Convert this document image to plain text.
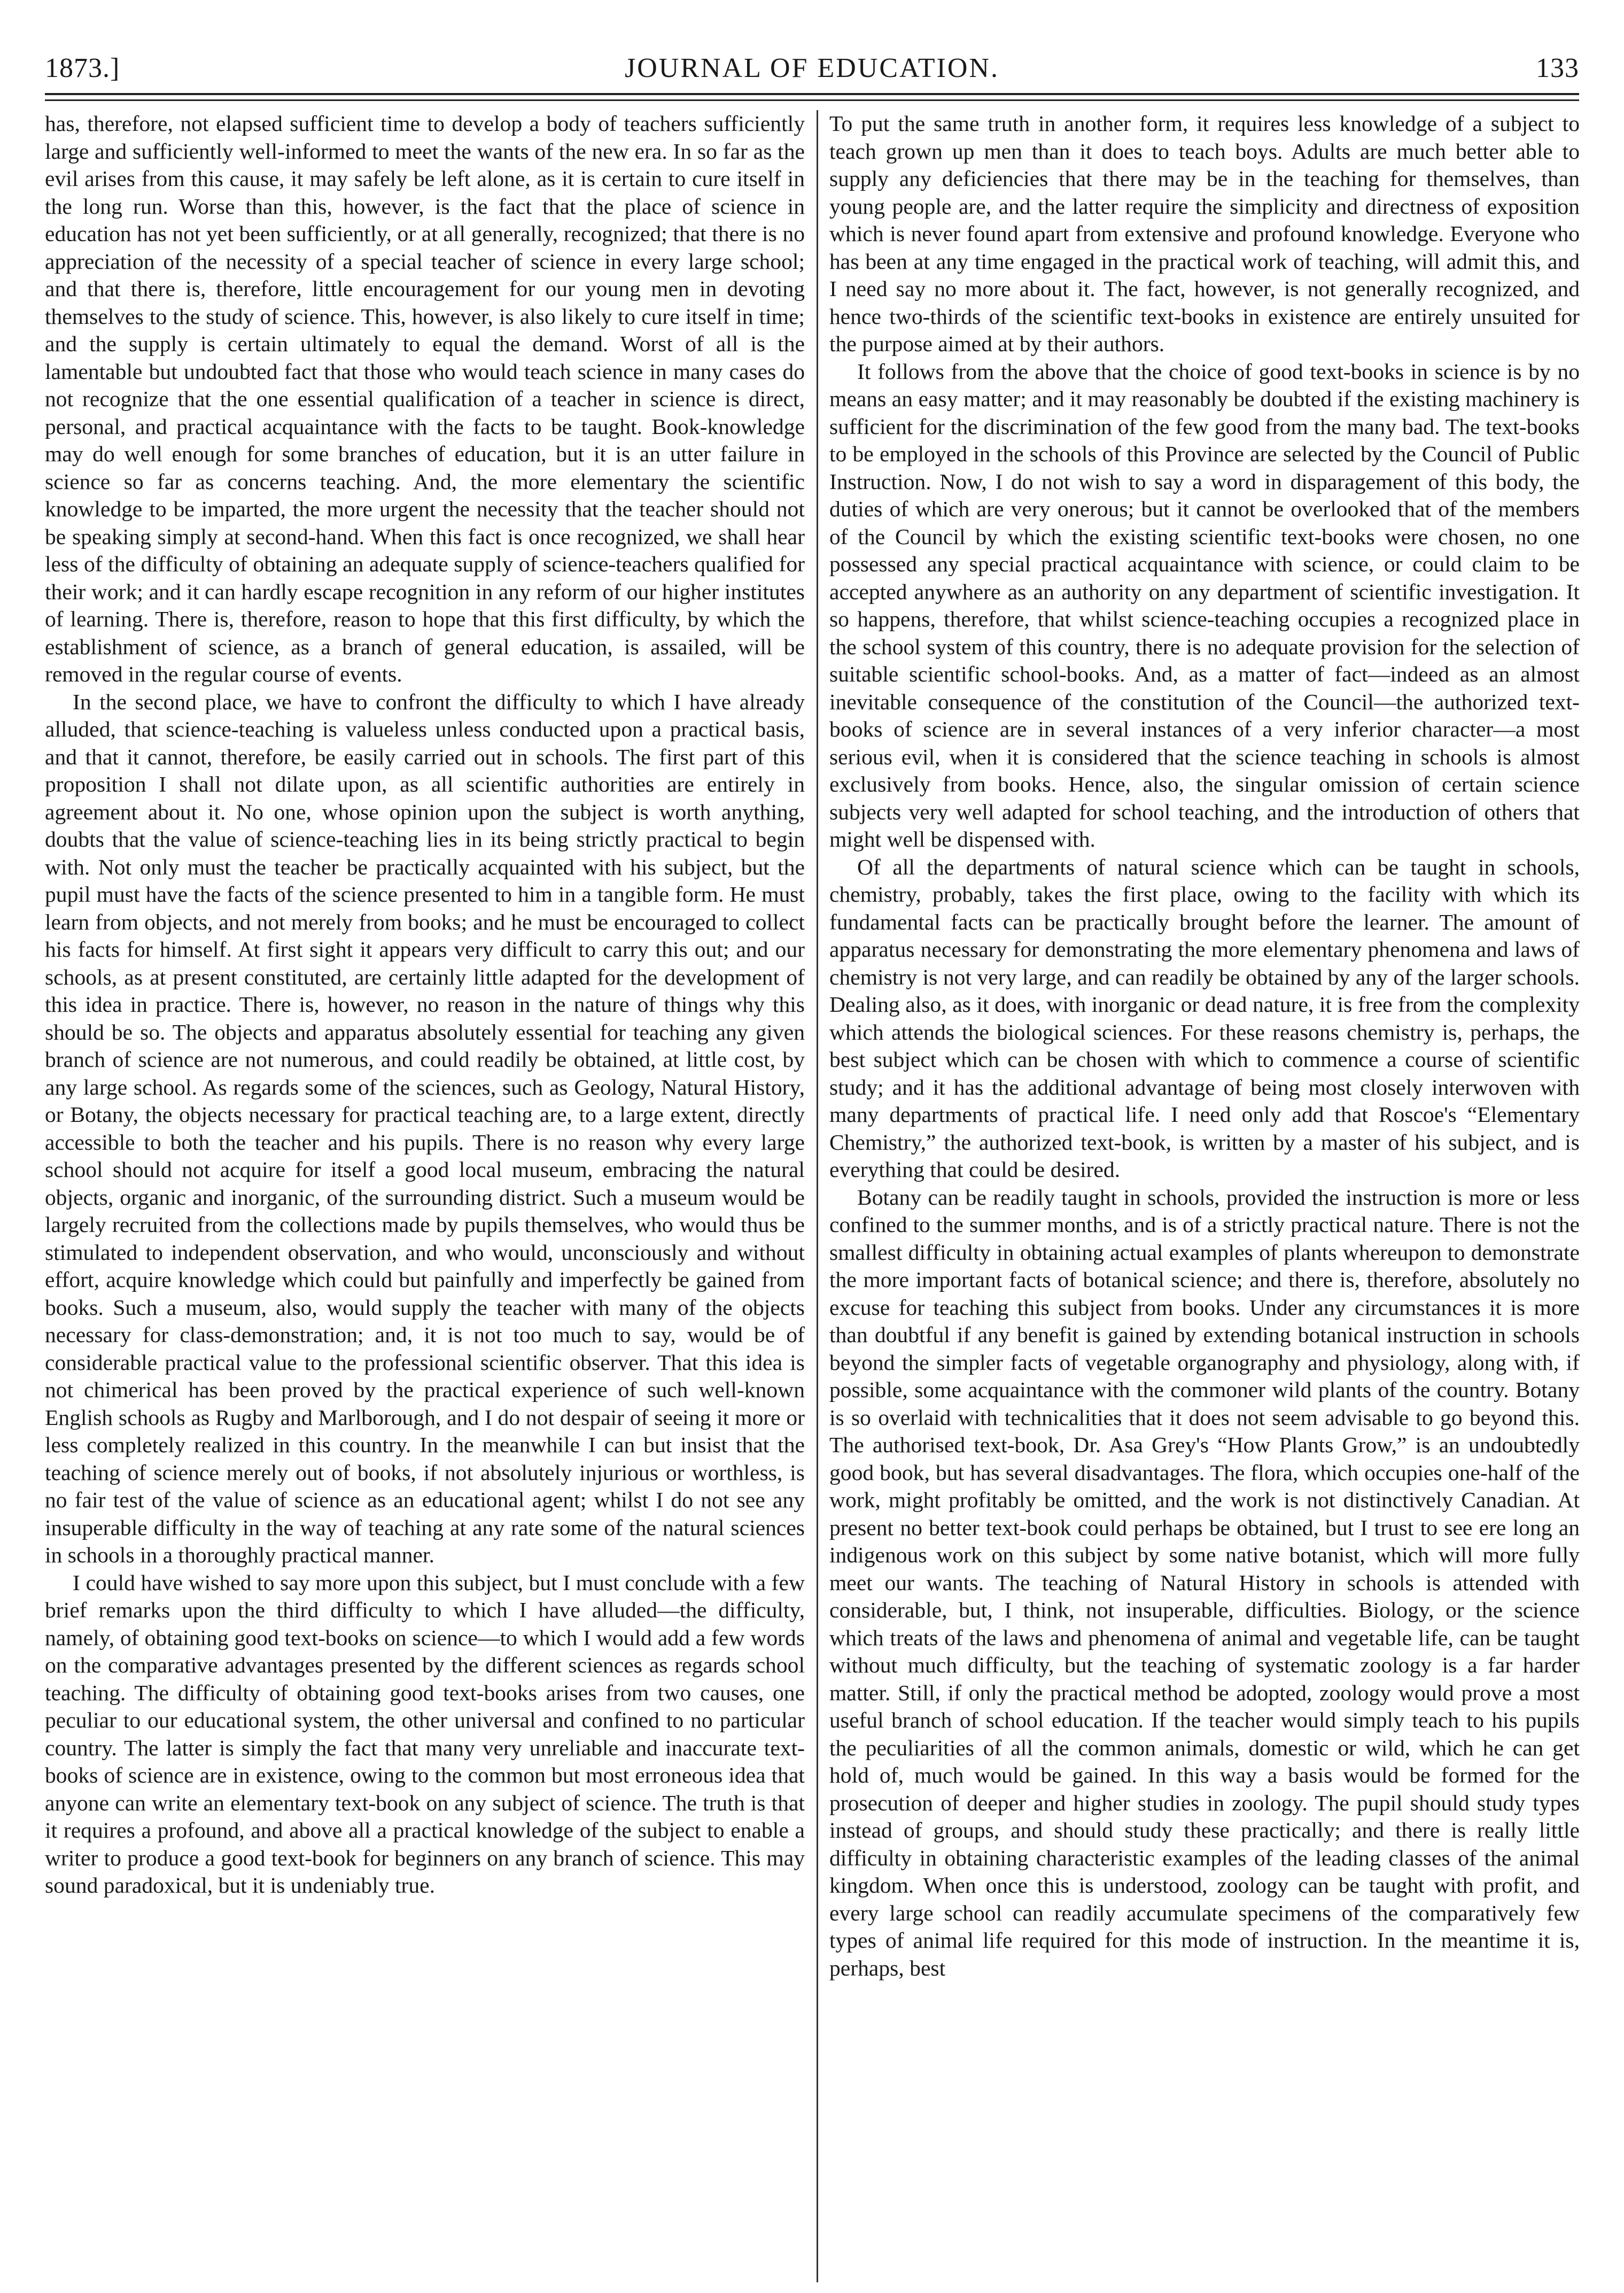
1873.]	JOURNAL OF EDUCATION.	133

has, therefore, not elapsed sufficient time to develop a body of teachers sufficiently large and sufficiently well-informed to meet the wants of the new era. In so far as the evil arises from this cause, it may safely be left alone, as it is certain to cure itself in the long run. Worse than this, however, is the fact that the place of science in education has not yet been sufficiently, or at all generally, recognized; that there is no appreciation of the necessity of a special teacher of science in every large school; and that there is, therefore, little encouragement for our young men in devoting themselves to the study of science. This, however, is also likely to cure itself in time; and the supply is certain ultimately to equal the demand. Worst of all is the lamentable but undoubted fact that those who would teach science in many cases do not recognize that the one essential qualification of a teacher in science is direct, personal, and practical acquaintance with the facts to be taught. Book-knowledge may do well enough for some branches of education, but it is an utter failure in science so far as concerns teaching. And, the more elementary the scientific knowledge to be imparted, the more urgent the necessity that the teacher should not be speaking simply at second-hand. When this fact is once recognized, we shall hear less of the difficulty of obtaining an adequate supply of science-teachers qualified for their work; and it can hardly escape recognition in any reform of our higher institutes of learning. There is, therefore, reason to hope that this first difficulty, by which the establishment of science, as a branch of general education, is assailed, will be removed in the regular course of events.

In the second place, we have to confront the difficulty to which I have already alluded, that science-teaching is valueless unless conducted upon a practical basis, and that it cannot, therefore, be easily carried out in schools. The first part of this proposition I shall not dilate upon, as all scientific authorities are entirely in agreement about it. No one, whose opinion upon the subject is worth anything, doubts that the value of science-teaching lies in its being strictly practical to begin with. Not only must the teacher be practically acquainted with his subject, but the pupil must have the facts of the science presented to him in a tangible form. He must learn from objects, and not merely from books; and he must be encouraged to collect his facts for himself. At first sight it appears very difficult to carry this out; and our schools, as at present constituted, are certainly little adapted for the development of this idea in practice. There is, however, no reason in the nature of things why this should be so. The objects and apparatus absolutely essential for teaching any given branch of science are not numerous, and could readily be obtained, at little cost, by any large school. As regards some of the sciences, such as Geology, Natural History, or Botany, the objects necessary for practical teaching are, to a large extent, directly accessible to both the teacher and his pupils. There is no reason why every large school should not acquire for itself a good local museum, embracing the natural objects, organic and inorganic, of the surrounding district. Such a museum would be largely recruited from the collections made by pupils themselves, who would thus be stimulated to independent observation, and who would, unconsciously and without effort, acquire knowledge which could but painfully and imperfectly be gained from books. Such a museum, also, would supply the teacher with many of the objects necessary for class-demonstration; and, it is not too much to say, would be of considerable practical value to the professional scientific observer. That this idea is not chimerical has been proved by the practical experience of such well-known English schools as Rugby and Marlborough, and I do not despair of seeing it more or less completely realized in this country. In the meanwhile I can but insist that the teaching of science merely out of books, if not absolutely injurious or worthless, is no fair test of the value of science as an educational agent; whilst I do not see any insuperable difficulty in the way of teaching at any rate some of the natural sciences in schools in a thoroughly practical manner.

I could have wished to say more upon this subject, but I must conclude with a few brief remarks upon the third difficulty to which I have alluded—the difficulty, namely, of obtaining good text-books on science—to which I would add a few words on the comparative advantages presented by the different sciences as regards school teaching. The difficulty of obtaining good text-books arises from two causes, one peculiar to our educational system, the other universal and confined to no particular country. The latter is simply the fact that many very unreliable and inaccurate text-books of science are in existence, owing to the common but most erroneous idea that anyone can write an elementary text-book on any subject of science. The truth is that it requires a profound, and above all a practical knowledge of the subject to enable a writer to produce a good text-book for beginners on any branch of science. This may sound paradoxical, but it is undeniably true.

To put the same truth in another form, it requires less knowledge of a subject to teach grown up men than it does to teach boys. Adults are much better able to supply any deficiencies that there may be in the teaching for themselves, than young people are, and the latter require the simplicity and directness of exposition which is never found apart from extensive and profound knowledge. Everyone who has been at any time engaged in the practical work of teaching, will admit this, and I need say no more about it. The fact, however, is not generally recognized, and hence two-thirds of the scientific text-books in existence are entirely unsuited for the purpose aimed at by their authors.

It follows from the above that the choice of good text-books in science is by no means an easy matter; and it may reasonably be doubted if the existing machinery is sufficient for the discrimination of the few good from the many bad. The text-books to be employed in the schools of this Province are selected by the Council of Public Instruction. Now, I do not wish to say a word in disparagement of this body, the duties of which are very onerous; but it cannot be overlooked that of the members of the Council by which the existing scientific text-books were chosen, no one possessed any special practical acquaintance with science, or could claim to be accepted anywhere as an authority on any department of scientific investigation. It so happens, therefore, that whilst science-teaching occupies a recognized place in the school system of this country, there is no adequate provision for the selection of suitable scientific school-books. And, as a matter of fact—indeed as an almost inevitable consequence of the constitution of the Council—the authorized text-books of science are in several instances of a very inferior character—a most serious evil, when it is considered that the science teaching in schools is almost exclusively from books. Hence, also, the singular omission of certain science subjects very well adapted for school teaching, and the introduction of others that might well be dispensed with.

Of all the departments of natural science which can be taught in schools, chemistry, probably, takes the first place, owing to the facility with which its fundamental facts can be practically brought before the learner. The amount of apparatus necessary for demonstrating the more elementary phenomena and laws of chemistry is not very large, and can readily be obtained by any of the larger schools. Dealing also, as it does, with inorganic or dead nature, it is free from the complexity which attends the biological sciences. For these reasons chemistry is, perhaps, the best subject which can be chosen with which to commence a course of scientific study; and it has the additional advantage of being most closely interwoven with many departments of practical life. I need only add that Roscoe's “Elementary Chemistry,” the authorized text-book, is written by a master of his subject, and is everything that could be desired.

Botany can be readily taught in schools, provided the instruction is more or less confined to the summer months, and is of a strictly practical nature. There is not the smallest difficulty in obtaining actual examples of plants whereupon to demonstrate the more important facts of botanical science; and there is, therefore, absolutely no excuse for teaching this subject from books. Under any circumstances it is more than doubtful if any benefit is gained by extending botanical instruction in schools beyond the simpler facts of vegetable organography and physiology, along with, if possible, some acquaintance with the commoner wild plants of the country. Botany is so overlaid with technicalities that it does not seem advisable to go beyond this. The authorised text-book, Dr. Asa Grey's “How Plants Grow,” is an undoubtedly good book, but has several disadvantages. The flora, which occupies one-half of the work, might profitably be omitted, and the work is not distinctively Canadian. At present no better text-book could perhaps be obtained, but I trust to see ere long an indigenous work on this subject by some native botanist, which will more fully meet our wants. The teaching of Natural History in schools is attended with considerable, but, I think, not insuperable, difficulties. Biology, or the science which treats of the laws and phenomena of animal and vegetable life, can be taught without much difficulty, but the teaching of systematic zoology is a far harder matter. Still, if only the practical method be adopted, zoology would prove a most useful branch of school education. If the teacher would simply teach to his pupils the peculiarities of all the common animals, domestic or wild, which he can get hold of, much would be gained. In this way a basis would be formed for the prosecution of deeper and higher studies in zoology. The pupil should study types instead of groups, and should study these practically; and there is really little difficulty in obtaining characteristic examples of the leading classes of the animal kingdom. When once this is understood, zoology can be taught with profit, and every large school can readily accumulate specimens of the comparatively few types of animal life required for this mode of instruction. In the meantime it is, perhaps, best
